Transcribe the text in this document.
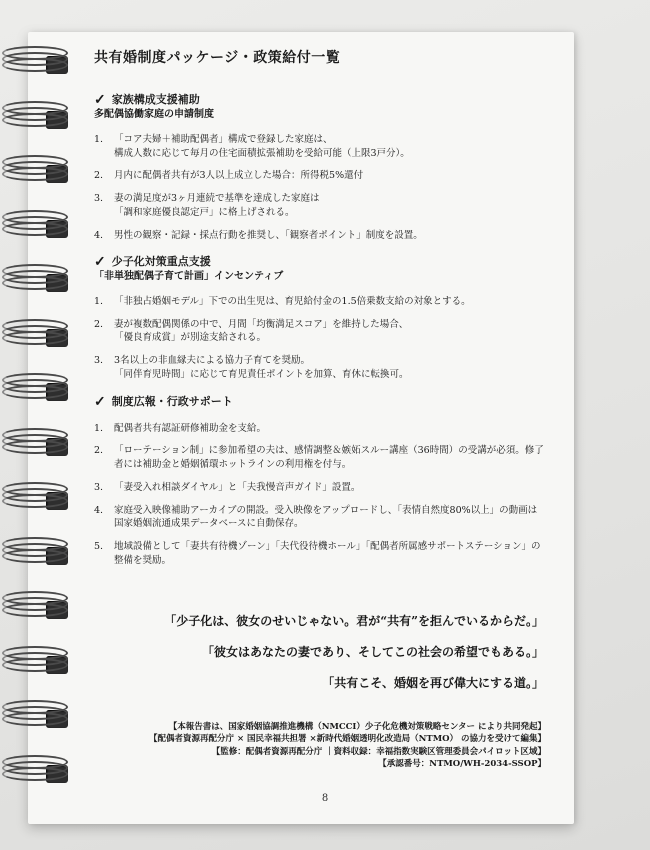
共有婚制度パッケージ・政策給付一覧
✓ 家族構成支援補助
多配偶協働家庭の申請制度
1.	「コア夫婦＋補助配偶者」構成で登録した家庭は、
構成人数に応じて毎月の住宅面積拡張補助を受給可能（上限3戸分）。
2.	月内に配偶者共有が3人以上成立した場合：所得税5%還付
3.	妻の満足度が3ヶ月連続で基準を達成した家庭は
「調和家庭優良認定戸」に格上げされる。
4.	男性の観察・記録・採点行動を推奨し、「観察者ポイント」制度を設置。
✓ 少子化対策重点支援
「非単独配偶子育て計画」インセンティブ
1.	「非独占婚姻モデル」下での出生児は、育児給付金の1.5倍乗数支給の対象とする。
2.	妻が複数配偶関係の中で、月間「均衡満足スコア」を維持した場合、
「優良育成賞」が別途支給される。
3.	3名以上の非血縁夫による協力子育てを奨励。
「同伴育児時間」に応じて育児責任ポイントを加算、育休に転換可。
✓ 制度広報・行政サポート
1.	配偶者共有認証研修補助金を支給。
2.	「ローテーション制」に参加希望の夫は、感情調整＆嫉妬スルー講座（36時間）の受講が必須。修了者には補助金と婚姻循環ホットラインの利用権を付与。
3.	「妻受入れ相談ダイヤル」と「夫我慢音声ガイド」設置。
4.	家庭受入映像補助アーカイブの開設。受入映像をアップロードし、「表情自然度80%以上」の動画は国家婚姻流通成果データベースに自動保存。
5.	地域設備として「妻共有待機ゾーン」「夫代役待機ホール」「配偶者所属感サポートステーション」の整備を奨励。

「少子化は、彼女のせいじゃない。君が“共有”を拒んでいるからだ。」

「彼女はあなたの妻であり、そしてこの社会の希望でもある。」

「共有こそ、婚姻を再び偉大にする道。」

【本報告書は、国家婚姻協調推進機構（NMCCI）少子化危機対策戦略センター により共同発起】
【配偶者資源再配分庁 × 国民幸福共担署 ×新時代婚姻透明化改造局（NTMO） の協力を受けて編集】
【監修：配偶者資源再配分庁 ｜資料収録：幸福指数実験区管理委員会パイロット区域】
【承認番号：NTMO/WH-2034-SSOP】
8
